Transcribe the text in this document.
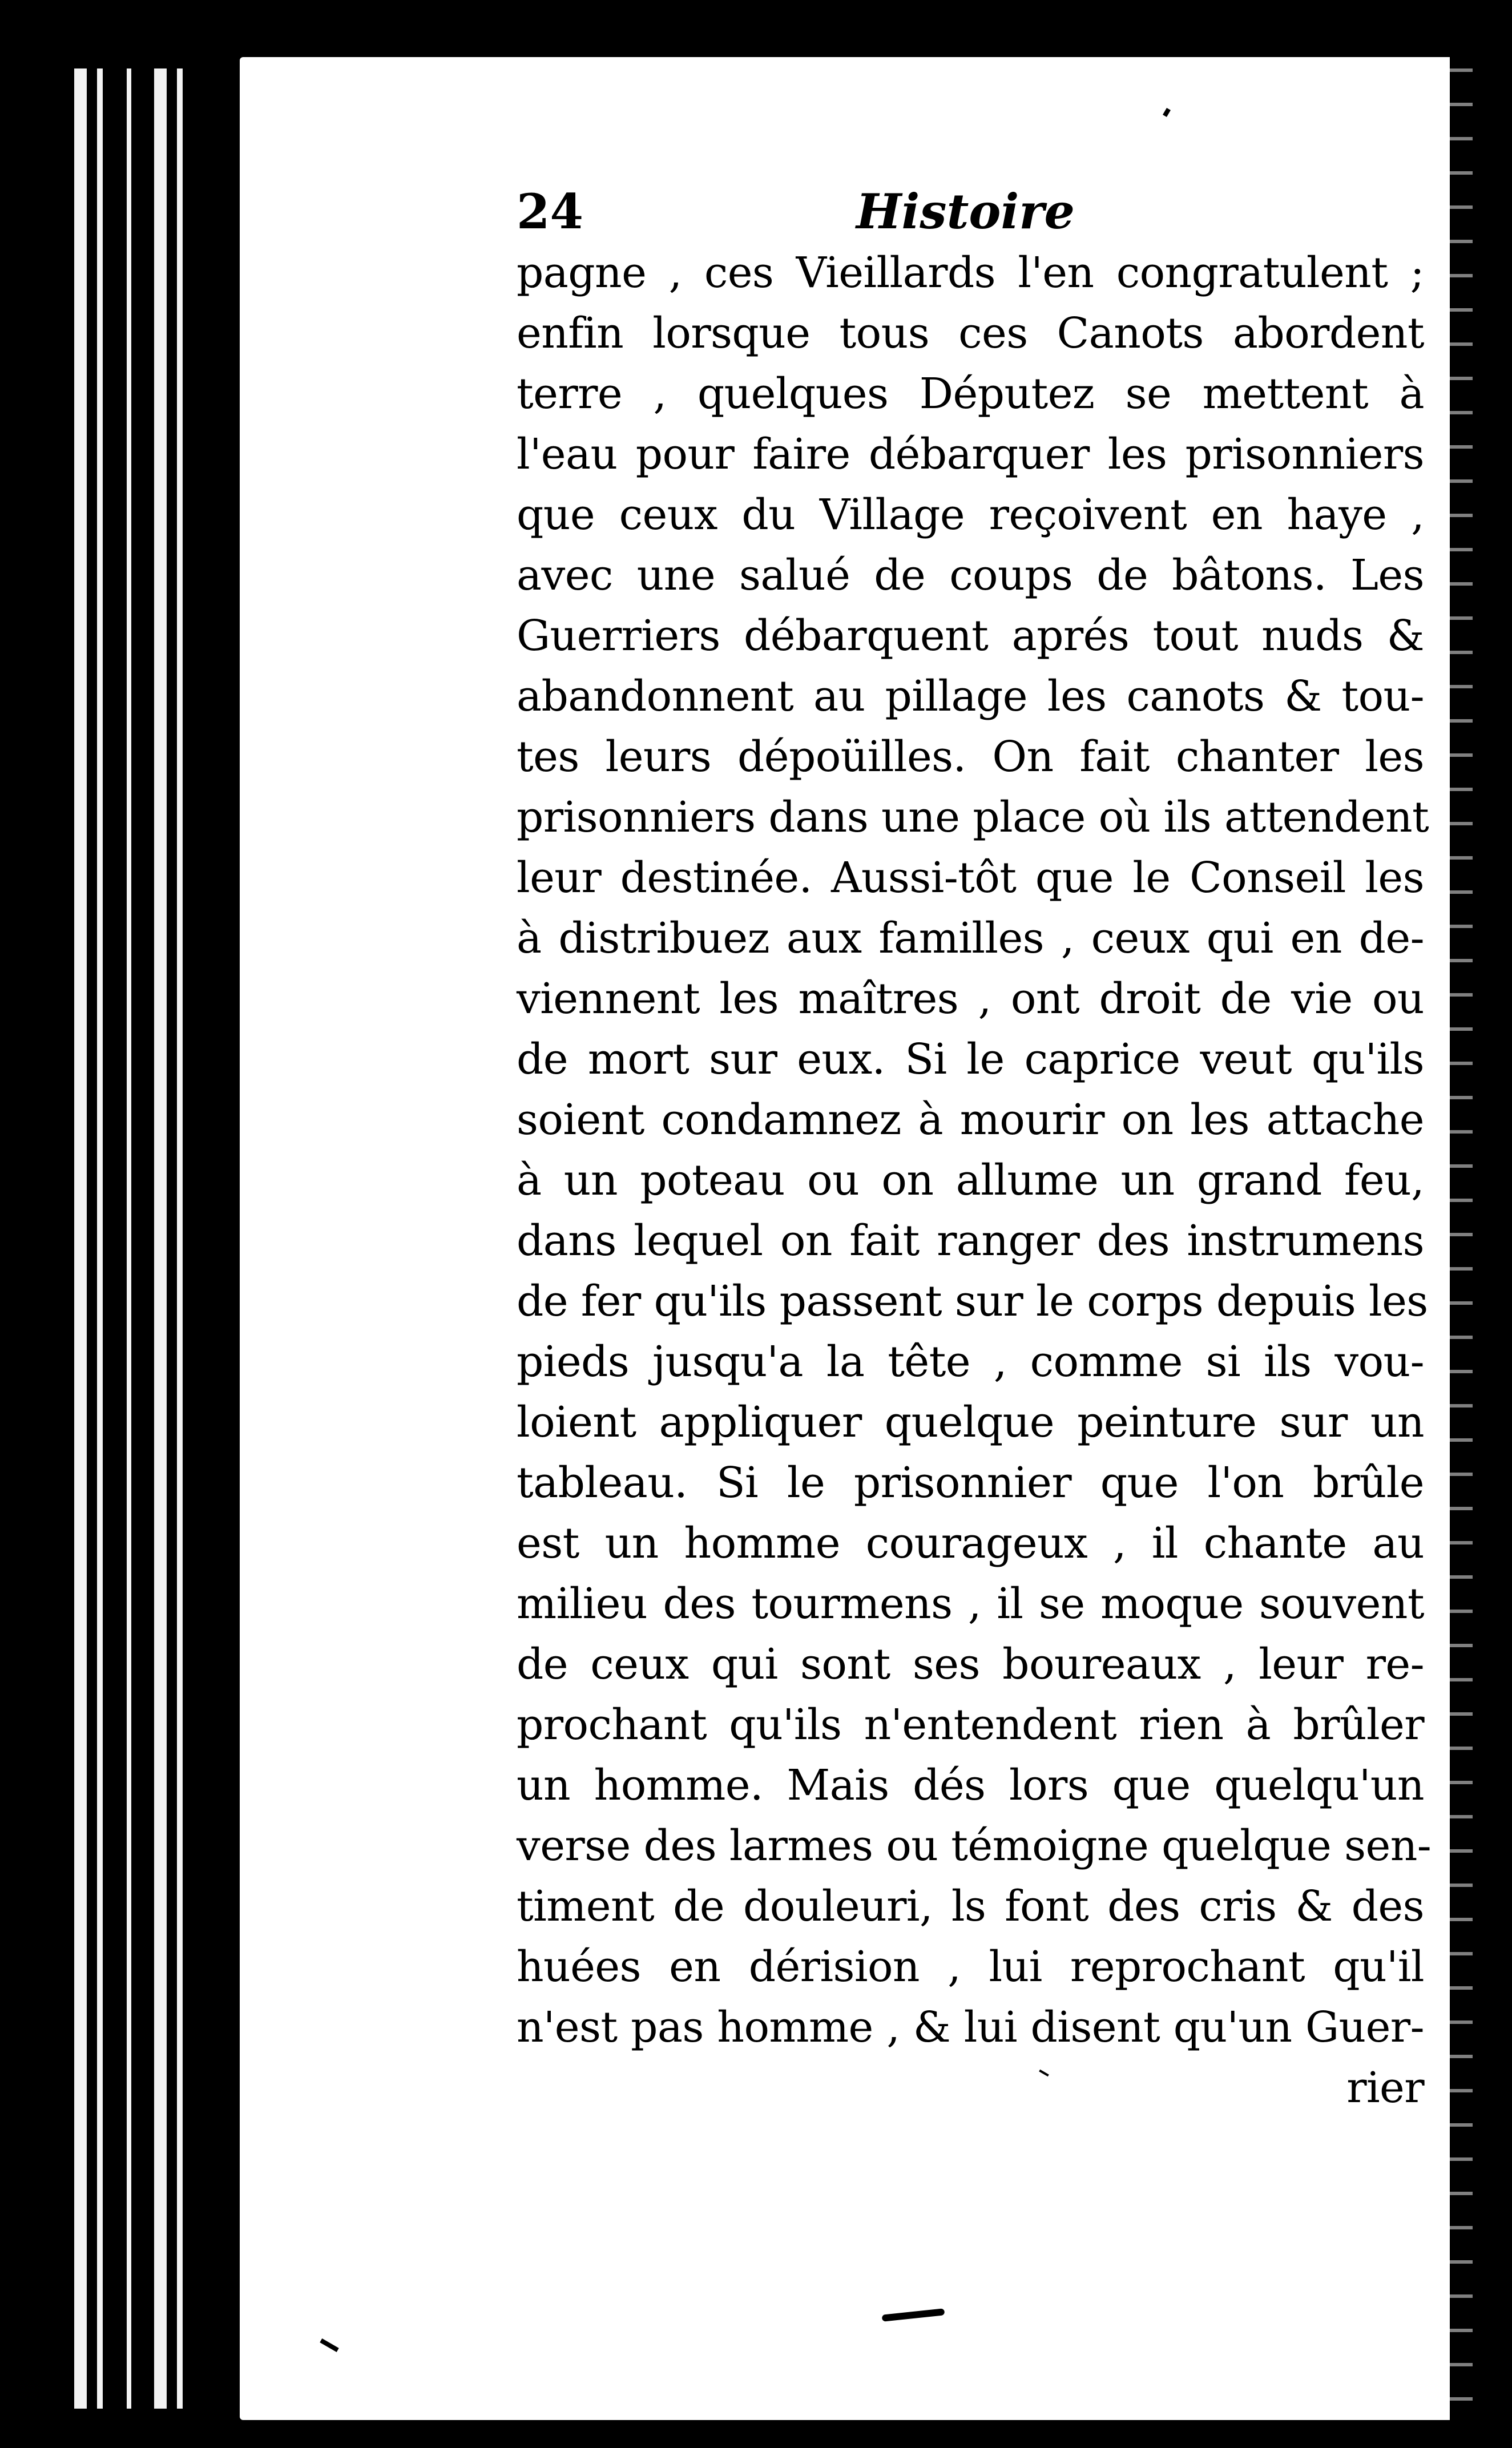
24	Histoire
pagne , ces Vieillards l'en congratulent ;
enfin lorsque tous ces Canots abordent
terre , quelques Députez se mettent à
l'eau pour faire débarquer les prisonniers
que ceux du Village reçoivent en haye ,
avec une salué de coups de bâtons. Les
Guerriers débarquent aprés tout nuds &
abandonnent au pillage les canots & tou-
tes leurs dépoüilles. On fait chanter les
prisonniers dans une place où ils attendent
leur destinée. Aussi-tôt que le Conseil les
à distribuez aux familles , ceux qui en de-
viennent les maîtres , ont droit de vie ou
de mort sur eux. Si le caprice veut qu'ils
soient condamnez à mourir on les attache
à un poteau ou on allume un grand feu,
dans lequel on fait ranger des instrumens
de fer qu'ils passent sur le corps depuis les
pieds jusqu'a la tête , comme si ils vou-
loient appliquer quelque peinture sur un
tableau. Si le prisonnier que l'on brûle
est un homme courageux , il chante au
milieu des tourmens , il se moque souvent
de ceux qui sont ses boureaux , leur re-
prochant qu'ils n'entendent rien à brûler
un homme. Mais dés lors que quelqu'un
verse des larmes ou témoigne quelque sen-
timent de douleuri, ls font des cris & des
huées en dérision , lui reprochant qu'il
n'est pas homme , & lui disent qu'un Guer-
rier
